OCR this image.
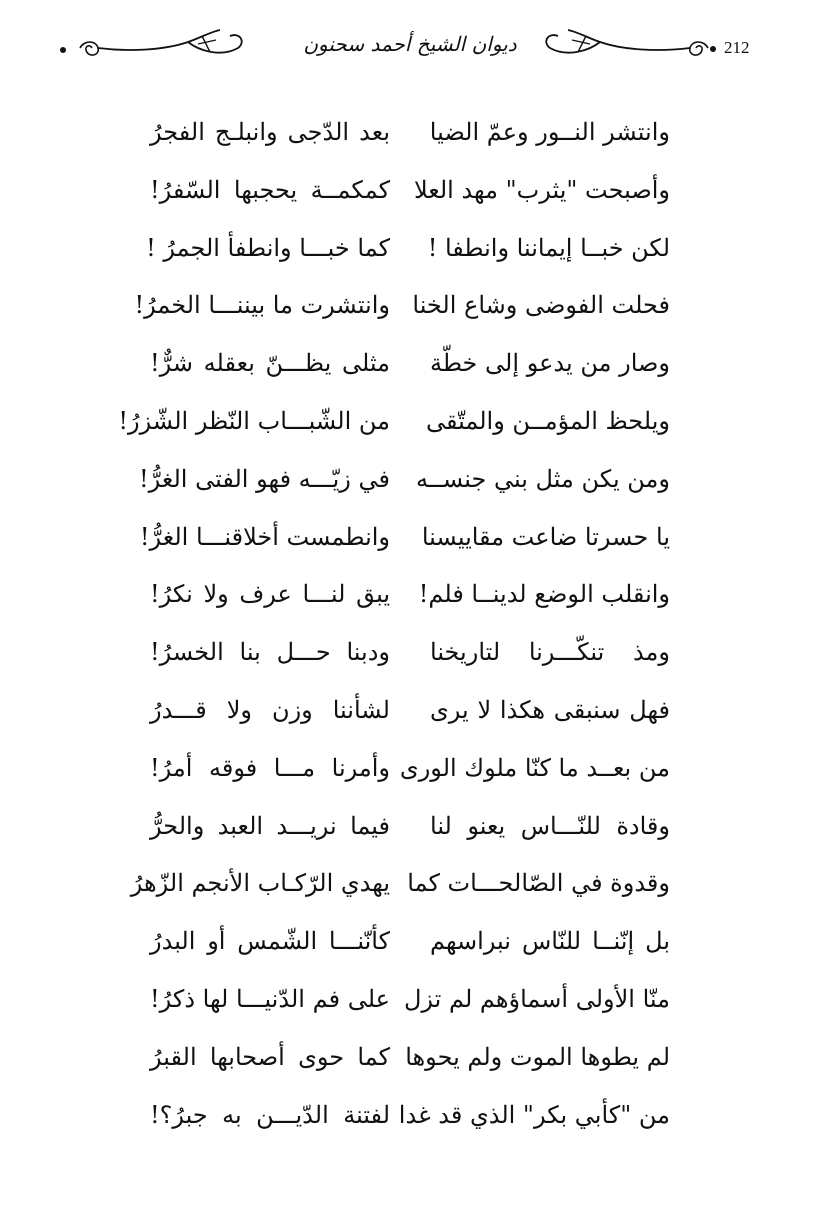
ديوان الشيخ أحمد سحنون	212
وانتشر النــور وعمّ الضيا
بعد الدّجى وانبلـج الفجرُ
وأصبحت "يثرب" مهد العلا
كمكمــة يحجبها السّفرُ!
لكن خبــا إيماننا وانطفا !
كما خبـــا وانطفأ الجمرُ !
فحلت الفوضى وشاع الخنا
وانتشرت ما بيننـــا الخمرُ!
وصار من يدعو إلى خطّة
مثلى يظـــنّ بعقله شرٌّ!
ويلحظ المؤمــن والمتّقى
من الشّبـــاب النّظر الشّزرُ!
ومن يكن مثل بني جنســه
في زيّـــه فهو الفتى الغرُّ!
يا حسرتا ضاعت مقاييسنا
وانطمست أخلاقنـــا الغرُّ!
وانقلب الوضع لدينــا فلم!
يبق لنـــا عرف ولا نكرُ!
ومذ تنكّـــرنا لتاريخنا
ودبنا حـــل بنا الخسرُ!
فهل سنبقى هكذا لا يرى
لشأننا وزن ولا قـــدرُ
من بعــد ما كنّا ملوك الورى
وأمرنا مـــا فوقه أمرُ!
وقادة للنّـــاس يعنو لنا
فيما نريـــد العبد والحرُّ
وقدوة في الصّالحـــات كما
يهدي الرّكـاب الأنجم الزّهرُ
بل إنّنــا للنّاس نبراسهم
كأنّنـــا الشّمس أو البدرُ
منّا الأولى أسماؤهم لم تزل
على فم الدّنيـــا لها ذكرُ!
لم يطوها الموت ولم يحوها
كما حوى أصحابها القبرُ
من "كأبي بكر" الذي قد غدا
لفتنة الدّيـــن به جبرُ؟!
